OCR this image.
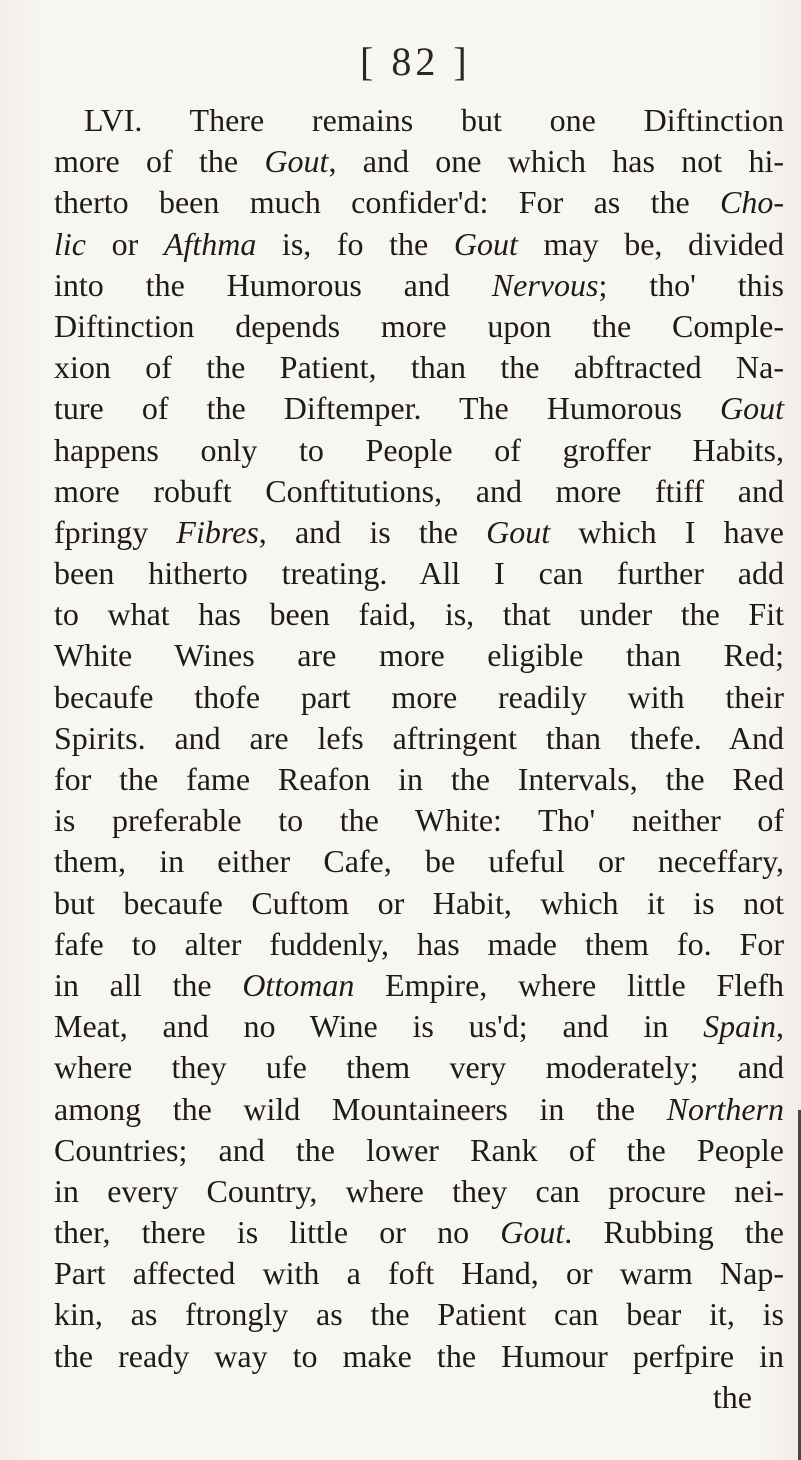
[ 82 ]
LVI. There remains but one Diftinction
more of the Gout, and one which has not hi-
therto been much confider'd: For as the Cho-
lic or Afthma is, fo the Gout may be, divided
into the Humorous and Nervous; tho' this
Diftinction depends more upon the Comple-
xion of the Patient, than the abftracted Na-
ture of the Diftemper. The Humorous Gout
happens only to People of groffer Habits,
more robuft Conftitutions, and more ftiff and
fpringy Fibres, and is the Gout which I have
been hitherto treating. All I can further add
to what has been faid, is, that under the Fit
White Wines are more eligible than Red;
becaufe thofe part more readily with their
Spirits. and are lefs aftringent than thefe. And
for the fame Reafon in the Intervals, the Red
is preferable to the White: Tho' neither of
them, in either Cafe, be ufeful or neceffary,
but becaufe Cuftom or Habit, which it is not
fafe to alter fuddenly, has made them fo. For
in all the Ottoman Empire, where little Flefh
Meat, and no Wine is us'd; and in Spain,
where they ufe them very moderately; and
among the wild Mountaineers in the Northern
Countries; and the lower Rank of the People
in every Country, where they can procure nei-
ther, there is little or no Gout. Rubbing the
Part affected with a foft Hand, or warm Nap-
kin, as ftrongly as the Patient can bear it, is
the ready way to make the Humour perfpire in
the
